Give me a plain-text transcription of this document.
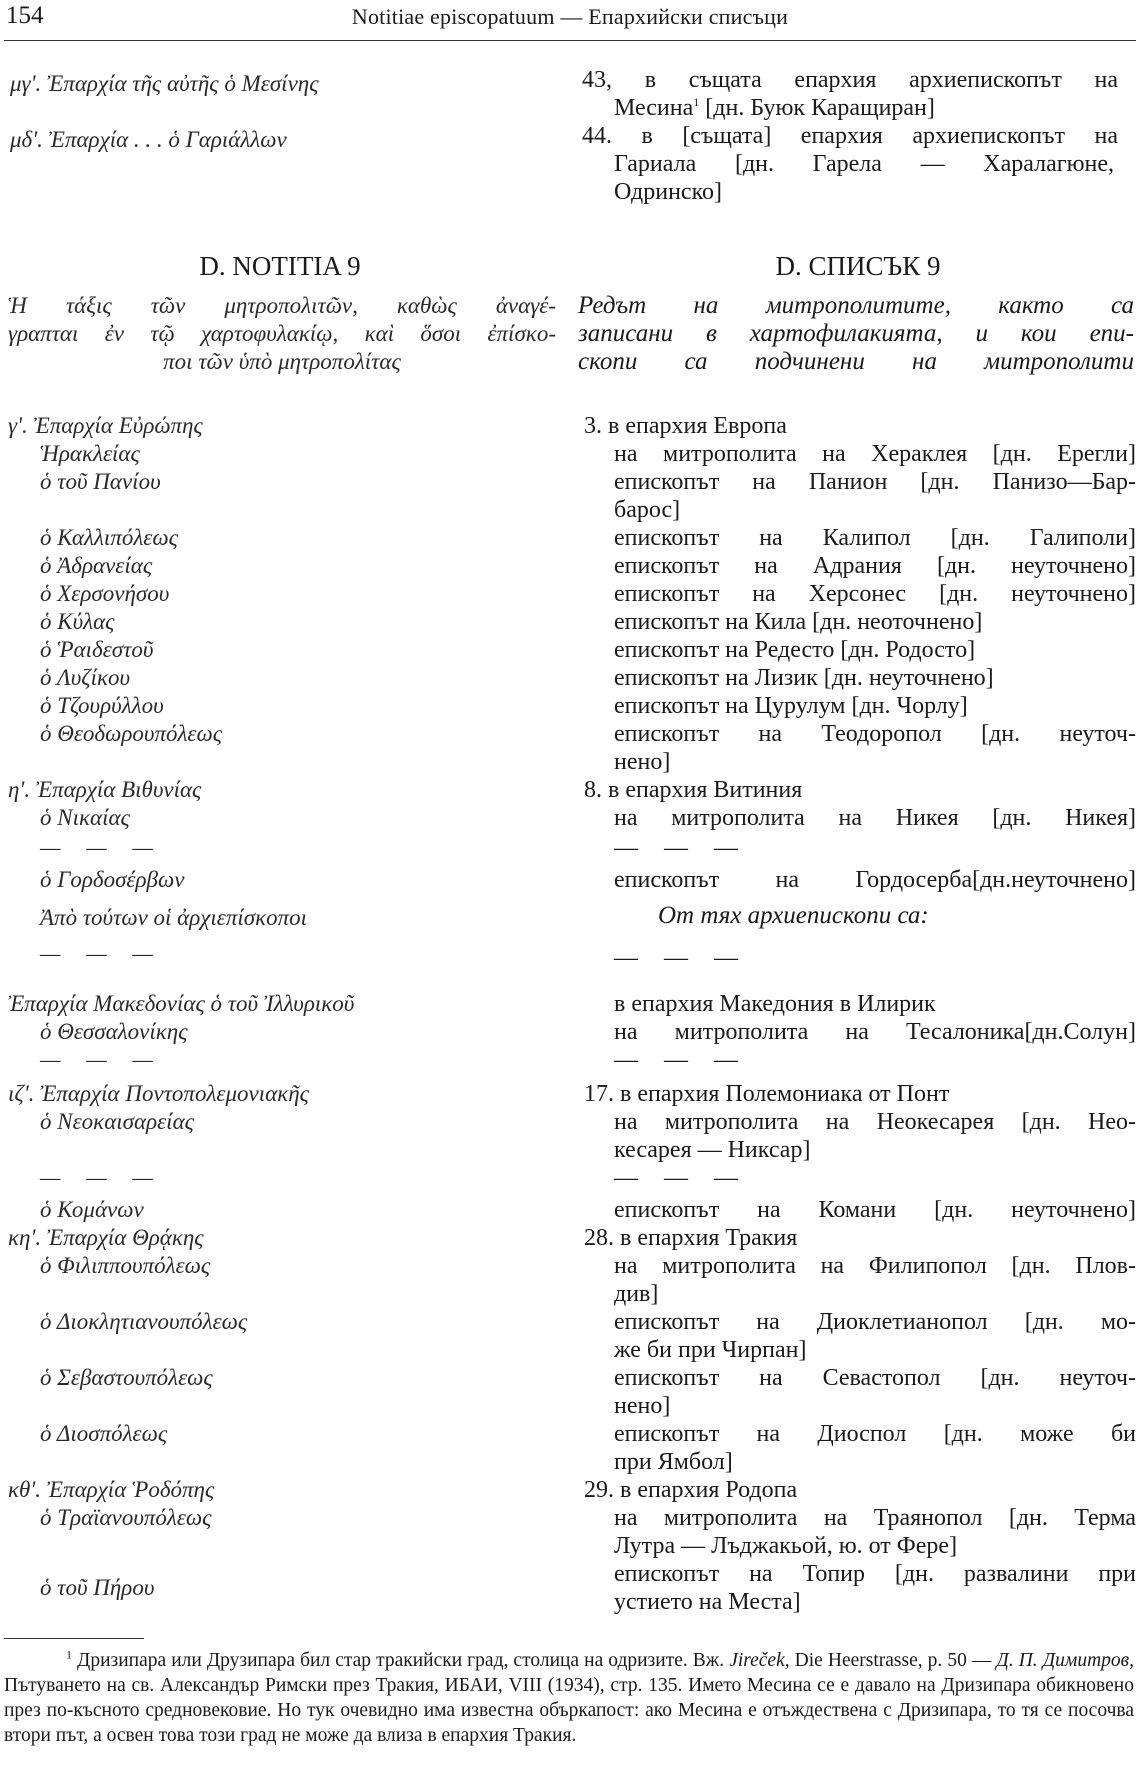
154	Notitiae episcopatuum — Епархийски списъци
μγ'. Ἐπαρχία τῆς αὐτῆς ὁ Μεσίνης
μδ'. Ἐπαρχία . . . ὁ Γαριάλλων
D. NOTITIA 9
Ἡ τάξις τῶν μητροπολιτῶν, καθὼς ἀναγέ-
γραπται ἐν τῷ χαρτοφυλακίῳ, καὶ ὅσοι ἐπίσκο-
ποι τῶν ὑπὸ μητροπολίτας
γ'. Ἐπαρχία Εὐρώπης
Ἡρακλείας
ὁ τοῦ Πανίου
ὁ Καλλιπόλεως
ὁ Ἀδρανείας
ὁ Χερσονήσου
ὁ Κύλας
ὁ Ῥαιδεστοῦ
ὁ Λυζίκου
ὁ Τζουρύλλου
ὁ Θεοδωρουπόλεως
η'. Ἐπαρχία Βιθυνίας
ὁ Νικαίας
— — —
ὁ Γορδοσέρβων
Ἀπὸ τούτων οἱ ἀρχιεπίσκοποι
— — —
Ἐπαρχία Μακεδονίας ὁ τοῦ Ἰλλυρικοῦ
ὁ Θεσσαλονίκης
— — —
ιζ'. Ἐπαρχία Πoντοπολεμονιακῆς
ὁ Νεοκαισαρείας
— — —
ὁ Κομάνων
κη'. Ἐπαρχία Θρᾴκης
ὁ Φιλιππουπόλεως
ὁ Διοκλητιανουπόλεως
ὁ Σεβαστουπόλεως
ὁ Διοσπόλεως
κθ'. Ἐπαρχία Ῥοδόπης
ὁ Τραϊανουπόλεως
ὁ τοῦ Πήρου
43, в същата епархия архиепископът на
Месина$^1$ [дн. Буюк Каращиран]
44. в [същата] епархия архиепископът на
Гариала [дн. Гарела — Харалагюне,
Одринско]
D. СПИСЪК 9
Редът на митрополитите, както са
записани в хартофилакията, и кои епи-
скопи са подчинени на митрополити
3. в епархия Европа
на митрополита на Хераклея [дн. Ерегли]
епископът на Панион [дн. Панизо—Бар-
барос]
епископът на Калипол [дн. Галиполи]
епископът на Адрания [дн. неуточнено]
епископът на Херсонес [дн. неуточнено]
епископът на Кила [дн. неоточнено]
епископът на Редесто [дн. Родосто]
епископът на Лизик [дн. неуточнено]
епископът на Цурулум [дн. Чорлу]
епископът на Теодоропол [дн. неуточ-
нено]
8. в епархия Витиния
на митрополита на Никея [дн. Никея]
— — —
епископът на Гордосерба[дн.неуточнено]
От тях архиепископи са:
— — —
в епархия Македония в Илирик
на митрополита на Тесалоника[дн.Солун]
— — —
17. в епархия Полемониака от Понт
на митрополита на Неокесарея [дн. Нео-
кесарея — Никсар]
— — —
епископът на Комани [дн. неуточнено]
28. в епархия Тракия
на митрополита на Филипопол [дн. Плов-
див]
епископът на Диоклетианопол [дн. мо-
же би при Чирпан]
епископът на Севастопол [дн. неуточ-
нено]
епископът на Диоспол [дн. може би
при Ямбол]
29. в епархия Родопа
на митрополита на Траянопол [дн. Терма
Лутра — Лъджакьой, ю. от Фере]
епископът на Топир [дн. развалини при
устието на Места]

$^1$ Дризипара или Друзипара бил стар тракийски град, столица на одризите. Вж. Jireček, Die Heerstrasse, p. 50 — Д. П. Димитров, Пътуването на св. Александър Римски през Тракия, ИБАИ, VIII (1934), стр. 135. Името Месина се е давало на Дризипара обикновено през по-късното средновековие. Но тук очевидно има известна объркапост: ако Месина е отъждествена с Дризипара, то тя се посочва втори път, а освен това този град не може да влиза в епархия Тракия.
